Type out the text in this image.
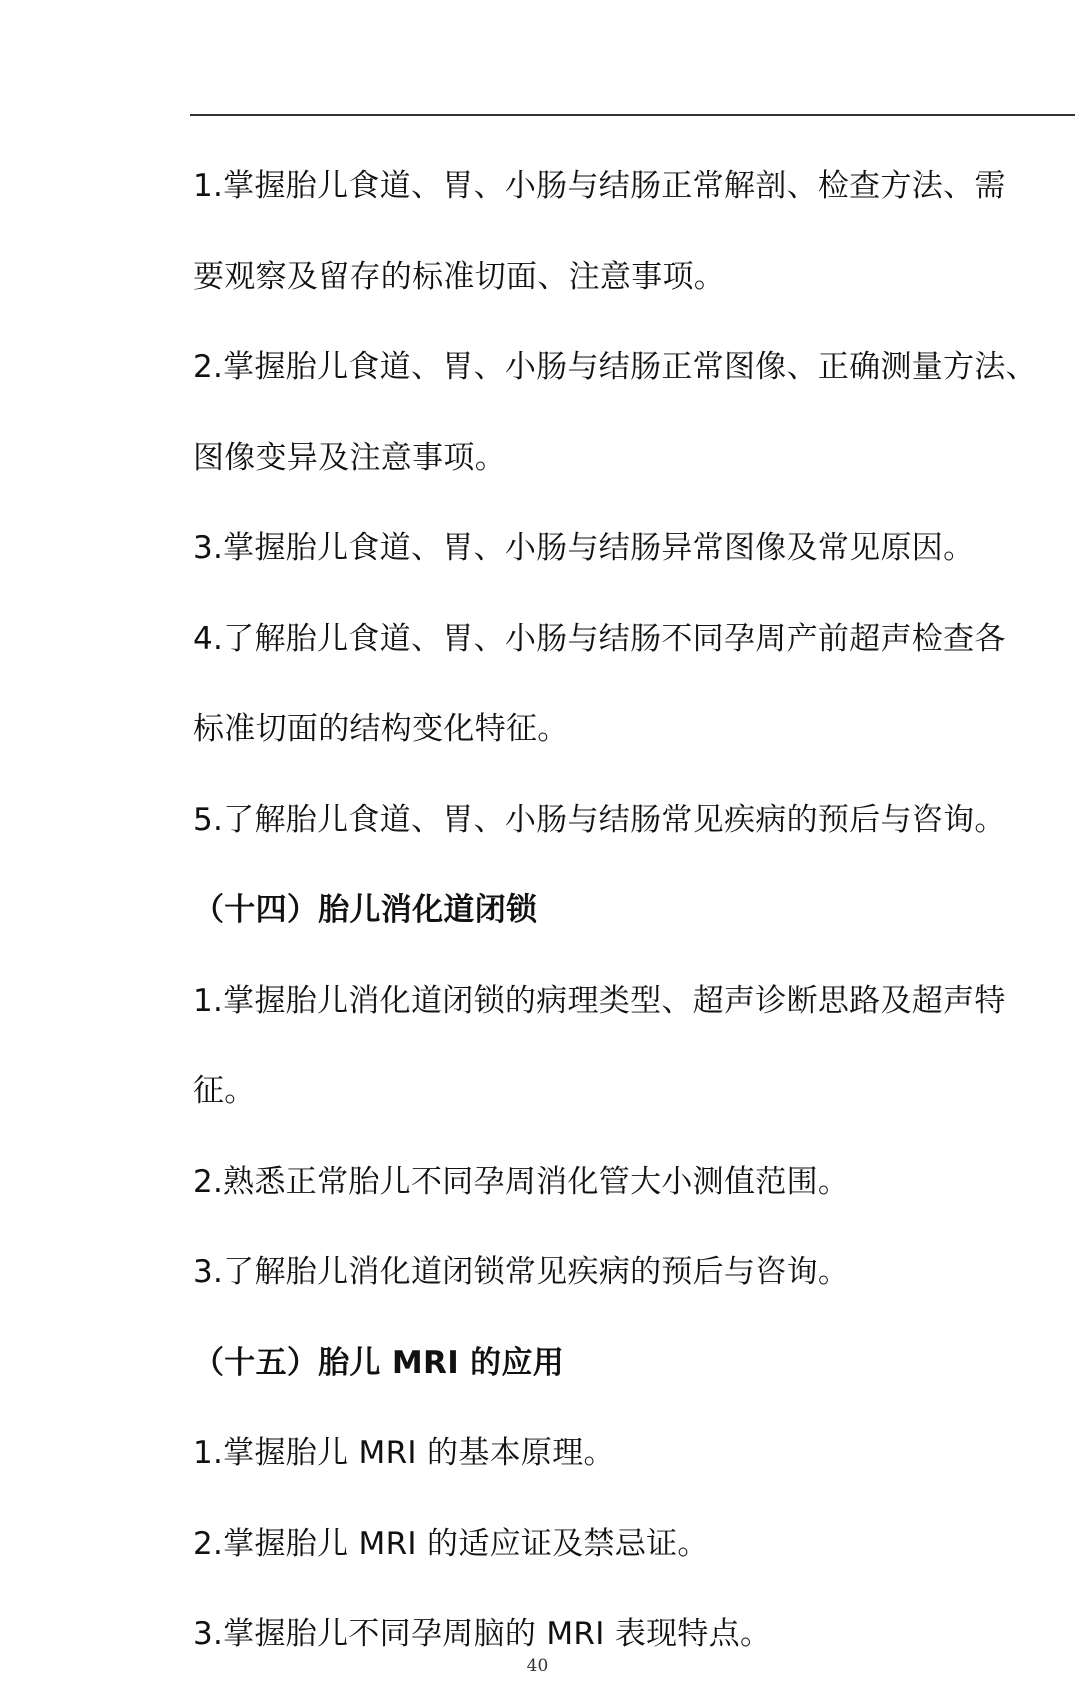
1.掌握胎儿食道、胃、小肠与结肠正常解剖、检查方法、需
要观察及留存的标准切面、注意事项。
2.掌握胎儿食道、胃、小肠与结肠正常图像、正确测量方法、
图像变异及注意事项。
3.掌握胎儿食道、胃、小肠与结肠异常图像及常见原因。
4.了解胎儿食道、胃、小肠与结肠不同孕周产前超声检查各
标准切面的结构变化特征。
5.了解胎儿食道、胃、小肠与结肠常见疾病的预后与咨询。
（十四）胎儿消化道闭锁
1.掌握胎儿消化道闭锁的病理类型、超声诊断思路及超声特
征。
2.熟悉正常胎儿不同孕周消化管大小测值范围。
3.了解胎儿消化道闭锁常见疾病的预后与咨询。
（十五）胎儿 MRI 的应用
1.掌握胎儿 MRI 的基本原理。
2.掌握胎儿 MRI 的适应证及禁忌证。
3.掌握胎儿不同孕周脑的 MRI 表现特点。
40
